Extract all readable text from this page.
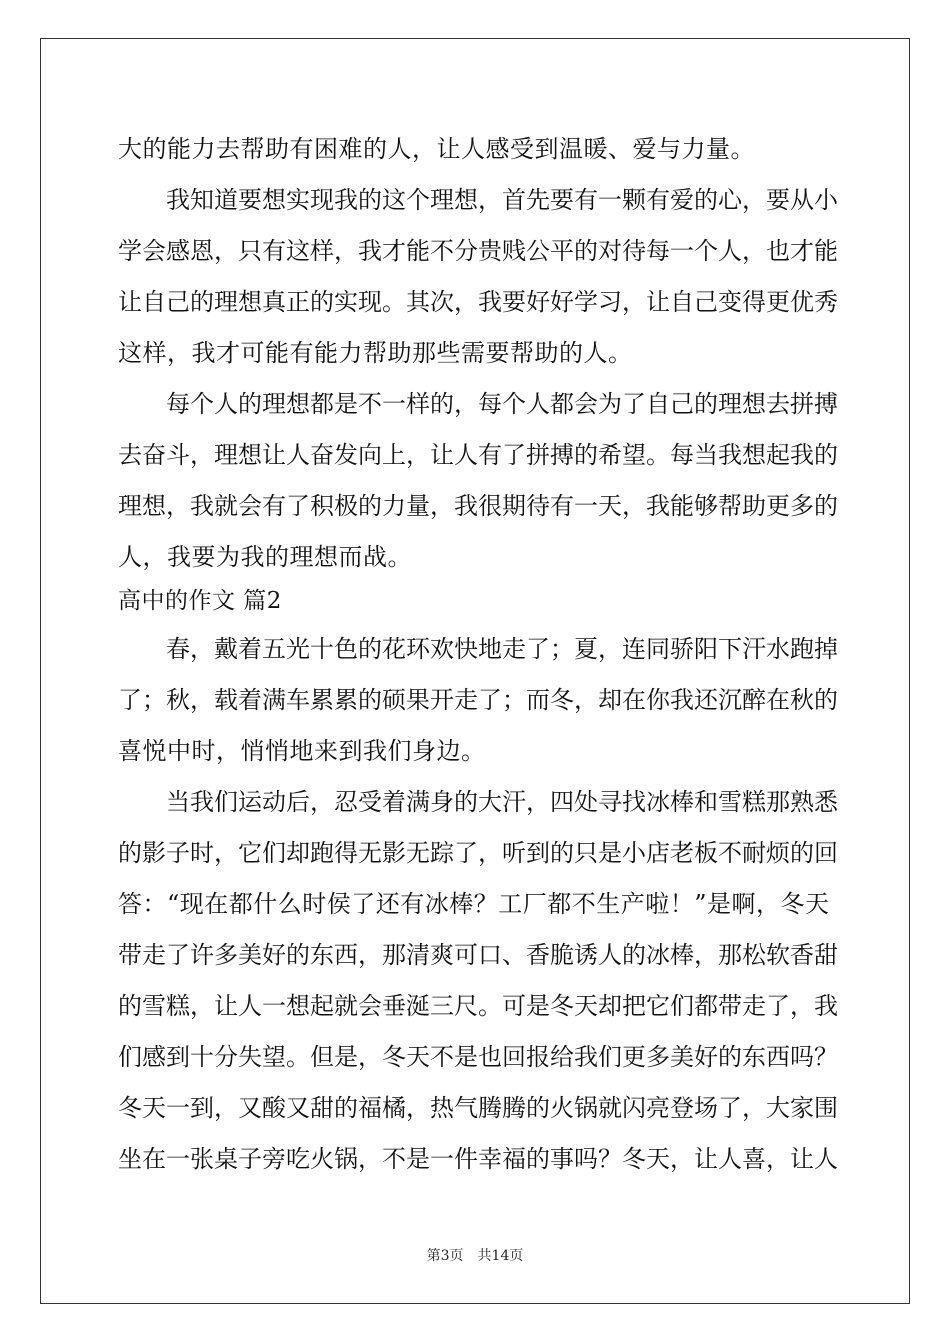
大的能力去帮助有困难的人，让人感受到温暖、爱与力量。
我知道要想实现我的这个理想，首先要有一颗有爱的心，要从小
学会感恩，只有这样，我才能不分贵贱公平的对待每一个人，也才能
让自己的理想真正的实现。其次，我要好好学习，让自己变得更优秀
这样，我才可能有能力帮助那些需要帮助的人。
每个人的理想都是不一样的，每个人都会为了自己的理想去拼搏
去奋斗，理想让人奋发向上，让人有了拼搏的希望。每当我想起我的
理想，我就会有了积极的力量，我很期待有一天，我能够帮助更多的
人，我要为我的理想而战。
高中的作文 篇2
春，戴着五光十色的花环欢快地走了；夏，连同骄阳下汗水跑掉
了；秋，载着满车累累的硕果开走了；而冬，却在你我还沉醉在秋的
喜悦中时，悄悄地来到我们身边。
当我们运动后，忍受着满身的大汗，四处寻找冰棒和雪糕那熟悉
的影子时，它们却跑得无影无踪了，听到的只是小店老板不耐烦的回
答：“现在都什么时侯了还有冰棒？工厂都不生产啦！”是啊，冬天
带走了许多美好的东西，那清爽可口、香脆诱人的冰棒，那松软香甜
的雪糕，让人一想起就会垂涎三尺。可是冬天却把它们都带走了，我
们感到十分失望。但是，冬天不是也回报给我们更多美好的东西吗？
冬天一到，又酸又甜的福橘，热气腾腾的火锅就闪亮登场了，大家围
坐在一张桌子旁吃火锅，不是一件幸福的事吗？冬天，让人喜，让人
第3页 共14页
